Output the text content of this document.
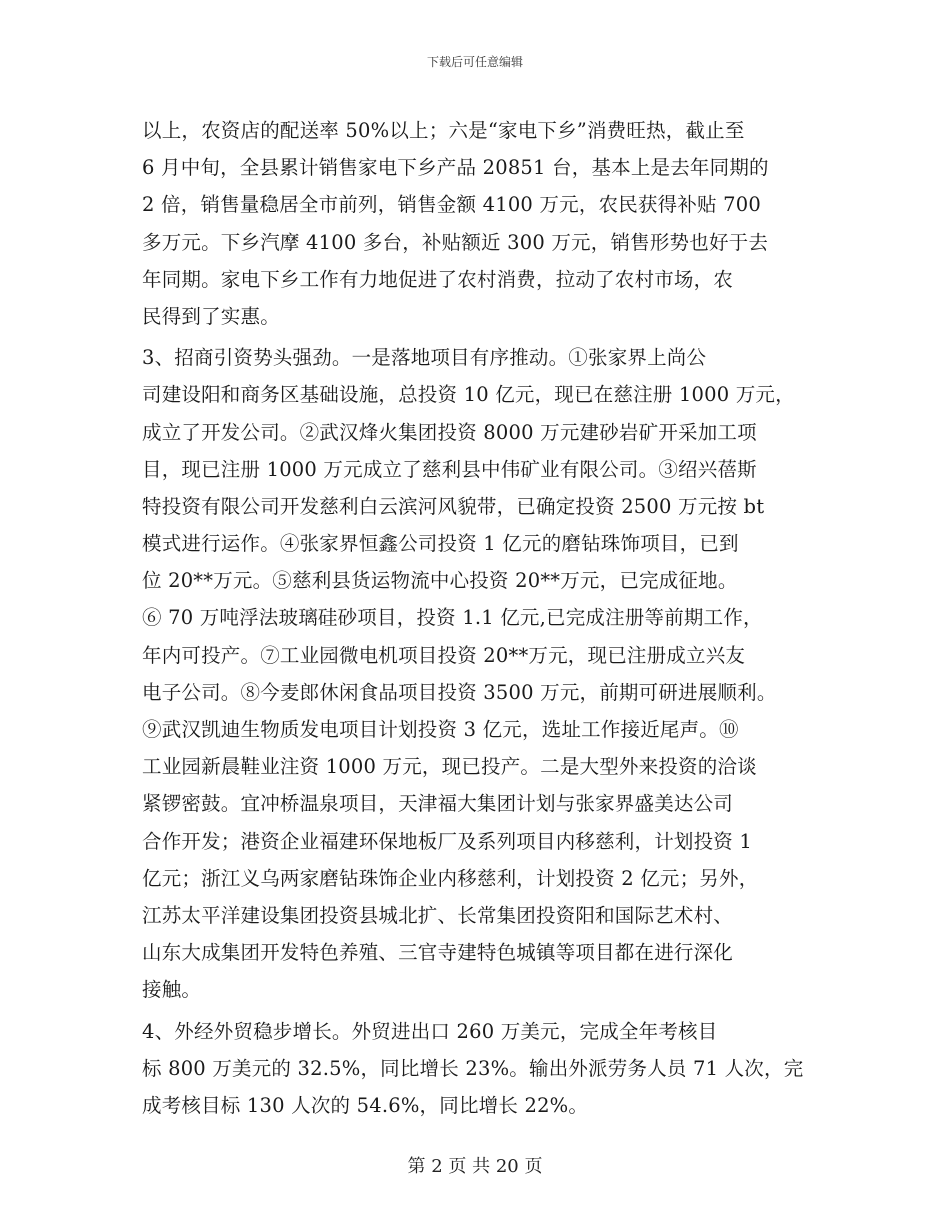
下载后可任意编辑
以上，农资店的配送率 50%以上；六是“家电下乡”消费旺热，截止至
6 月中旬，全县累计销售家电下乡产品 20851 台，基本上是去年同期的
2 倍，销售量稳居全市前列，销售金额 4100 万元，农民获得补贴 700
多万元。下乡汽摩 4100 多台，补贴额近 300 万元，销售形势也好于去
年同期。家电下乡工作有力地促进了农村消费，拉动了农村市场，农
民得到了实惠。
3、招商引资势头强劲。一是落地项目有序推动。①张家界上尚公
司建设阳和商务区基础设施，总投资 10 亿元，现已在慈注册 1000 万元，
成立了开发公司。②武汉烽火集团投资 8000 万元建砂岩矿开采加工项
目，现已注册 1000 万元成立了慈利县中伟矿业有限公司。③绍兴蓓斯
特投资有限公司开发慈利白云滨河风貌带，已确定投资 2500 万元按 bt
模式进行运作。④张家界恒鑫公司投资 1 亿元的磨钻珠饰项目，已到
位 20**万元。⑤慈利县货运物流中心投资 20**万元，已完成征地。
⑥ 70 万吨浮法玻璃硅砂项目，投资 1.1 亿元,已完成注册等前期工作，
年内可投产。⑦工业园微电机项目投资 20**万元，现已注册成立兴友
电子公司。⑧今麦郎休闲食品项目投资 3500 万元，前期可研进展顺利。
⑨武汉凯迪生物质发电项目计划投资 3 亿元，选址工作接近尾声。⑩
工业园新晨鞋业注资 1000 万元，现已投产。二是大型外来投资的洽谈
紧锣密鼓。宜冲桥温泉项目，天津福大集团计划与张家界盛美达公司
合作开发；港资企业福建环保地板厂及系列项目内移慈利，计划投资 1
亿元；浙江义乌两家磨钻珠饰企业内移慈利，计划投资 2 亿元；另外，
江苏太平洋建设集团投资县城北扩、长常集团投资阳和国际艺术村、
山东大成集团开发特色养殖、三官寺建特色城镇等项目都在进行深化
接触。
4、外经外贸稳步增长。外贸进出口 260 万美元，完成全年考核目
标 800 万美元的 32.5%，同比增长 23%。输出外派劳务人员 71 人次，完
成考核目标 130 人次的 54.6%，同比增长 22%。
第 2 页 共 20 页
